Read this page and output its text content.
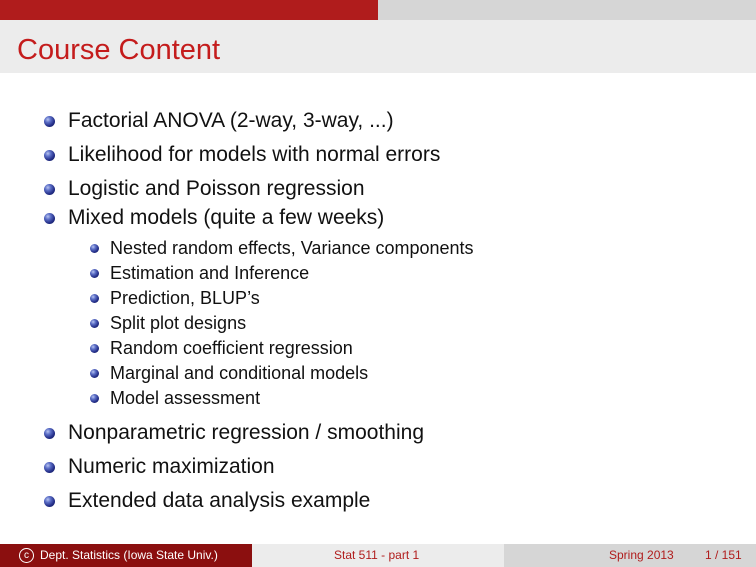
Course Content
Factorial ANOVA (2-way, 3-way, ...)
Likelihood for models with normal errors
Logistic and Poisson regression
Mixed models (quite a few weeks)
Nested random effects, Variance components
Estimation and Inference
Prediction, BLUP’s
Split plot designs
Random coefficient regression
Marginal and conditional models
Model assessment
Nonparametric regression / smoothing
Numeric maximization
Extended data analysis example
c Dept. Statistics (Iowa State Univ.)	Stat 511 - part 1	Spring 2013	1 / 151
